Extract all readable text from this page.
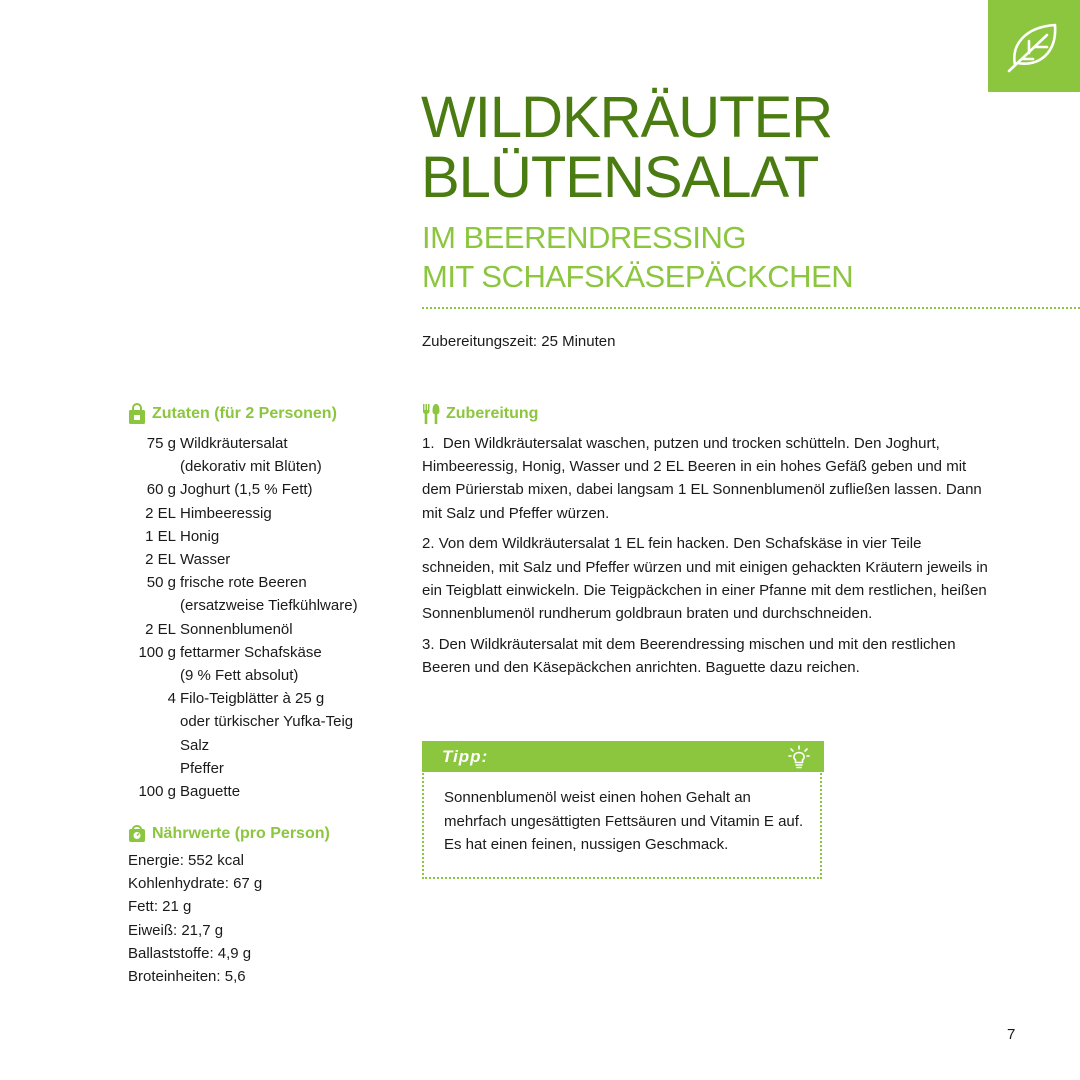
WILDKRÄUTER
BLÜTENSALAT
IM BEERENDRESSING
MIT SCHAFSKÄSEPÄCKCHEN
Zubereitungszeit: 25 Minuten
Zutaten (für 2 Personen)
75 g Wildkräutersalat
(dekorativ mit Blüten)
60 g Joghurt (1,5 % Fett)
2 EL Himbeeressig
1 EL Honig
2 EL Wasser
50 g frische rote Beeren
(ersatzweise Tiefkühlware)
2 EL Sonnenblumenöl
100 g fettarmer Schafskäse
(9 % Fett absolut)
4 Filo-Teigblätter à 25 g
oder türkischer Yufka-Teig
Salz
Pfeffer
100 g Baguette
Nährwerte (pro Person)
Energie: 552 kcal
Kohlenhydrate: 67 g
Fett: 21 g
Eiweiß: 21,7 g
Ballaststoffe: 4,9 g
Broteinheiten: 5,6
Zubereitung

1. Den Wildkräutersalat waschen, putzen und trocken schütteln. Den Joghurt, Himbeeressig, Honig, Wasser und 2 EL Beeren in ein hohes Gefäß geben und mit dem Pürierstab mixen, dabei langsam 1 EL Sonnenblumenöl zufließen lassen. Dann mit Salz und Pfeffer würzen.

2. Von dem Wildkräutersalat 1 EL fein hacken. Den Schafskäse in vier Teile schneiden, mit Salz und Pfeffer würzen und mit einigen gehackten Kräutern jeweils in ein Teigblatt einwickeln. Die Teigpäckchen in einer Pfanne mit dem restlichen, heißen Sonnenblumenöl rundherum goldbraun braten und durchschneiden.

3. Den Wildkräutersalat mit dem Beerendressing mischen und mit den restlichen Beeren und den Käsepäckchen anrichten. Baguette dazu reichen.

Tipp:
Sonnenblumenöl weist einen hohen Gehalt an mehrfach ungesättigten Fettsäuren und Vitamin E auf. Es hat einen feinen, nussigen Geschmack.
7
